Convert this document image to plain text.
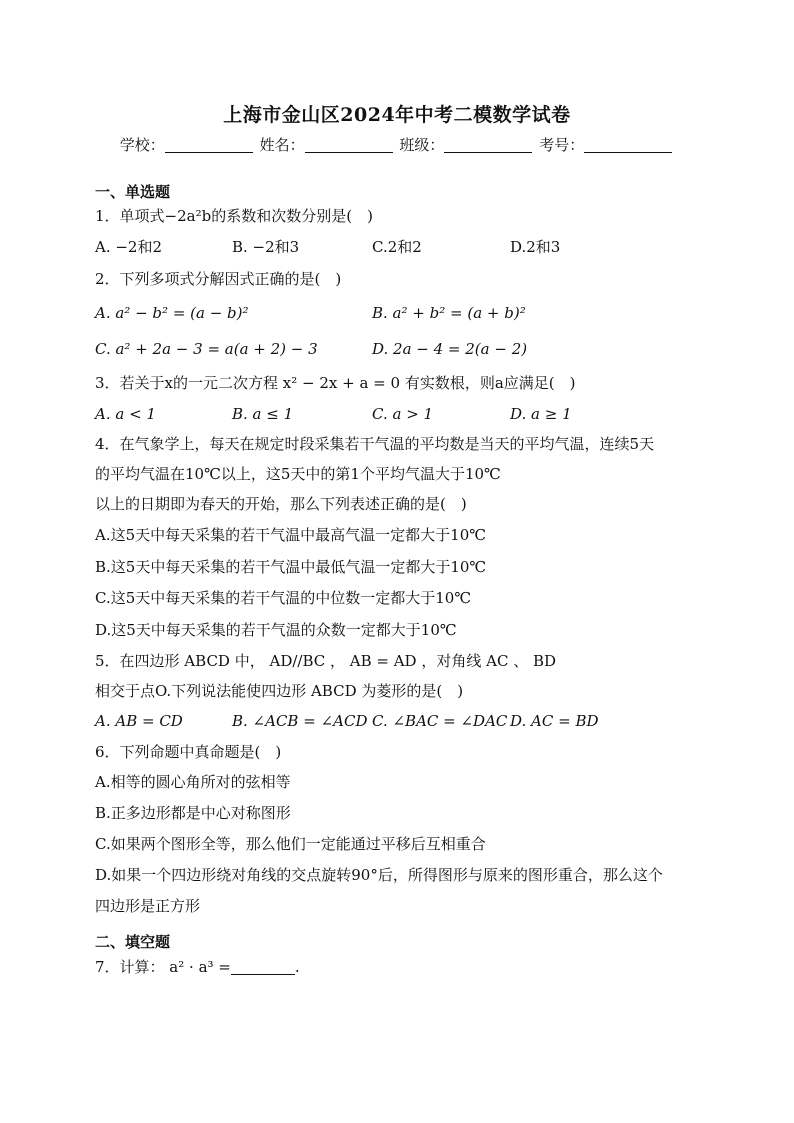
上海市金山区2024年中考二模数学试卷
学校：	姓名：	班级：	考号：
一、单选题
1．单项式−2a²b的系数和次数分别是(　)
A. −2和2	B. −2和3	C.2和2	D.2和3
2．下列多项式分解因式正确的是(　)
A. a² − b² = (a − b)²	B. a² + b² = (a + b)²
C. a² + 2a − 3 = a(a + 2) − 3	D. 2a − 4 = 2(a − 2)
3．若关于x的一元二次方程 x² − 2x + a = 0 有实数根，则a应满足(　)
A. a < 1	B. a ≤ 1	C. a > 1	D. a ≥ 1
4．在气象学上，每天在规定时段采集若干气温的平均数是当天的平均气温，连续5天
的平均气温在10℃以上，这5天中的第1个平均气温大于10℃
以上的日期即为春天的开始，那么下列表述正确的是(　)
A.这5天中每天采集的若干气温中最高气温一定都大于10℃
B.这5天中每天采集的若干气温中最低气温一定都大于10℃
C.这5天中每天采集的若干气温的中位数一定都大于10℃
D.这5天中每天采集的若干气温的众数一定都大于10℃
5．在四边形 ABCD 中， AD//BC ， AB = AD ，对角线 AC 、 BD
相交于点O.下列说法能使四边形 ABCD 为菱形的是(　)
A. AB = CD	B. ∠ACB = ∠ACD C. ∠BAC = ∠DAC D. AC = BD
6．下列命题中真命题是(　)
A.相等的圆心角所对的弦相等
B.正多边形都是中心对称图形
C.如果两个图形全等，那么他们一定能通过平移后互相重合
D.如果一个四边形绕对角线的交点旋转90°后，所得图形与原来的图形重合，那么这个
四边形是正方形
二、填空题
7．计算： a² · a³ =	.
